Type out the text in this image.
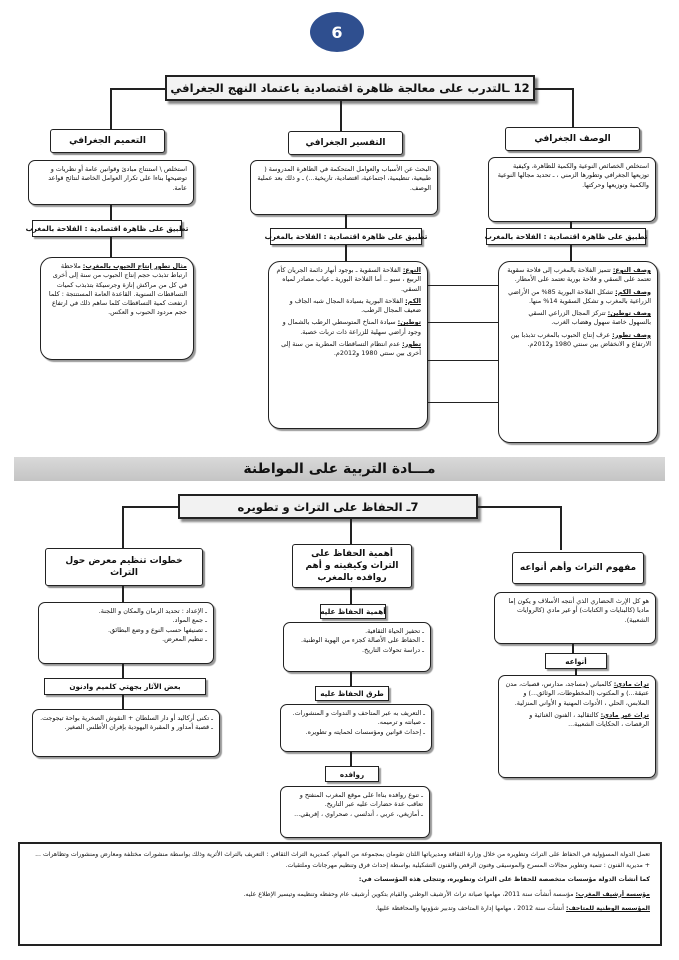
6
12 ـالتدرب على معالجة ظاهرة اقتصادية باعتماد النهج الجغرافي
الوصف الجغرافي
التفسير الجغرافي
التعميم الجغرافي
استخلص الخصائص النوعية والكمية للظاهرة، وكيفية توزيعها الجغرافي وتطورها الزمني ، ـ تحديد مجالها النوعية والكمية وتوزيعها وحركتها.
البحث عن الأسباب والعوامل المتحكمة في الظاهرة المدروسة ( طبيعية، تنظيمية، اجتماعية، اقتصادية، تاريخية...) ـ و ذلك بعد عملية الوصف.
استخلص \ استنتاج مبادئ وقوانين عامة أو نظريات و توضيحها بناءا على تكرار العوامل الخاصة لنتائج قواعد عامة.
تطبيق على ظاهرة اقتصادية : الفلاحة بالمغرب
تطبيق على ظاهرة اقتصادية : الفلاحة بالمغرب
تطبيق على ظاهرة اقتصادية : الفلاحة بالمغرب

وصف النوع: تتميز الفلاحة بالمغرب إلى فلاحة سقوية تعتمد على السقي و فلاحة بورية تعتمد على الأمطار.

وصف الكم: تشكل الفلاحة البورية 85% من الأراضي الزراعية بالمغرب و تشكل السقوية 14% منها.

وصف توطين: تتركز المجال الزراعي السقي بالسهول خاصة سهول وهضاب الغرب.

وصف تطور: عرف إنتاج الحبوب بالمغرب تذبذبا بين الارتفاع و الانخفاض بين سنتي 1980 و2012م.

النوع: الفلاحة السقوية ـ بوجود أنهار دائمة الجريان كأم الربيع ، سبو .. أما الفلاحة البورية ـ غياب مصادر لمياه السقي.

الكم: الفلاحة البورية بسيادة المجال شبه الجاف و ضعيف المجال الرطب.

توطين: سيادة المناخ المتوسطي الرطب بالشمال و وجود أراضي سهلية للزراعة ذات تربات خصبة.

تطور: عدم انتظام التساقطات المطرية من سنة إلى أخرى بين سنتي 1980 و2012م.

مثال تطور إنتاج الحبوب بالمغرب: ملاحظة ارتباط تذبذب حجم إنتاج الحبوب من سنة إلى أخرى في كل من مراكش إنازة وجرسيكة بتذبذب كميات التساقطات السنوية. القاعدة العامة المستنتجة : كلما ارتفعت كمية التساقطات كلما ساهم ذلك في ارتفاع حجم مردود الحبوب و العكس.

مـــادة التربية على المواطنة
7ـ الحفاظ على التراث و تطويره
مفهوم التراث وأهم أنواعه
أهمية الحفاظ على التراث وكيفيته و أهم روافده بالمغرب
خطوات تنظيم معرض حول التراث
هو كل الإرث الحضاري الذي أنتجه الأسلاف و يكون إما ماديا (كالبنايات و الكتابات) أو غير مادي (كالروايات الشعبية).
أنواعه

تراث مادي: كالمباني (مساجد، مدارس، قصبات، مدن عتيقة...) و المكتوب (المخطوطات، الوثائق...) و الملابس، الحلي ، الأدوات المهنية و الأواني المنزلية.

تراث غير مادي: كالتقاليد ، الفنون الغنائية و الرقصات ، الحكايات الشعبية...

أهمية الحفاظ عليه
ـ تحفيز الحياة الثقافية.
ـ الحفاظ على الأصالة كجزء من الهوية الوطنية.
ـ دراسة تحولات التاريخ.
طرق الحفاظ عليه
ـ التعريف به عبر المتاحف و الندوات و المنشورات.
ـ صيانته و ترميمه.
ـ إحداث قوانين ومؤسسات لحمايته و تطويره.
روافده
ـ تنوع روافده بناءا على موقع المغرب المنفتح و تعاقب عدة حضارات عليه عبر التاريخ.
ـ أمازيغي، عربي ، أندلسي ، صحراوي ، إفريقي...
ـ الإعداد : تحديد الزمان والمكان و اللجنة.
ـ جمع المواد.
ـ تصنيفها حسب النوع و وضع البطائق.
ـ تنظيم المعرض.
بعض الآثار بجهتي كلميم وادنون
ـ تكنى أركاليد أو دار السلطان + النقوش الصخرية بواحة تيجوجت.
ـ قصبة أمداور و المقبرة اليهودية بإفران الأطلس الصغير.

تعمل الدولة المسؤولية في الحفاظ على التراث وتطويره من خلال وزارة الثقافة ومديرياتها اللتان تقومان بمجموعة من المهام. كمديرية التراث الثقافي : التعريف بالتراث الأثرية وذلك بواسطة منشورات مختلفة ومعارض ومنشورات وتظاهرات ... + مديرية الفنون : تنمية وتطوير مجالات المسرح والموسيقى وفنون الرقص والفنون التشكيلية بواسطة إحداث فرق وتنظيم مهرجانات وملتقيات.

كما أنشأت الدولة مؤسسات متخصصة للحفاظ على التراث وتطويره، وتتجلى هذه المؤسسات في:

مؤسسة أرشيف المغرب: مؤسسة أنشأت سنة 2011، مهامها صيانة تراث الأرشيف الوطني والقيام بتكوين أرشيف عام وحفظه وتنظيمه وتيسير الإطلاع عليه.

المؤسسة الوطنية للمتاحف: أنشأت سنة 2012 ، مهامها إدارة المتاحف وتدبير شؤونها والمحافظة عليها.
